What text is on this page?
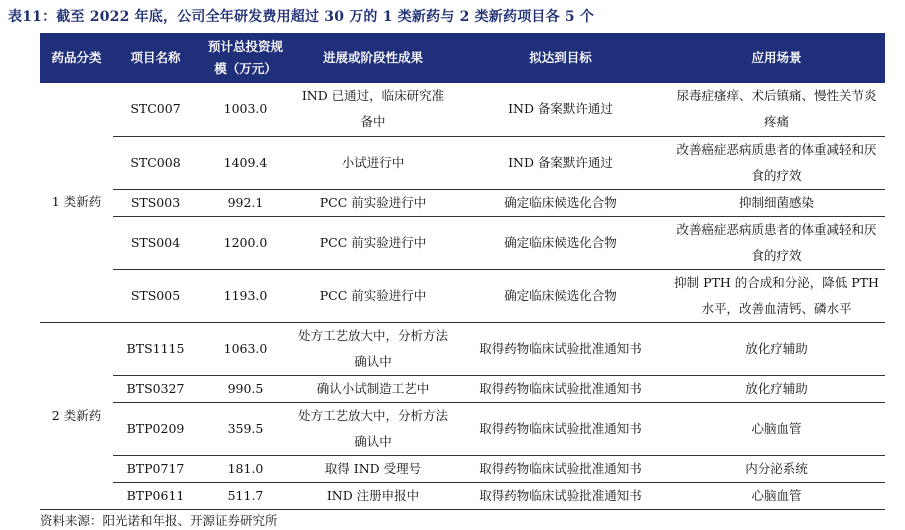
表11：截至 2022 年底，公司全年研发费用超过 30 万的 1 类新药与 2 类新药项目各 5 个
药品分类	项目名称	预计总投资规模（万元）	进展或阶段性成果	拟达到目标	应用场景
1 类新药	STC007	1003.0	IND 已通过，临床研究准备中	IND 备案默许通过	尿毒症瘙痒、术后镇痛、慢性关节炎疼痛
	STC008	1409.4	小试进行中	IND 备案默许通过	改善癌症恶病质患者的体重减轻和厌食的疗效
	STS003	992.1	PCC 前实验进行中	确定临床候选化合物	抑制细菌感染
	STS004	1200.0	PCC 前实验进行中	确定临床候选化合物	改善癌症恶病质患者的体重减轻和厌食的疗效
	STS005	1193.0	PCC 前实验进行中	确定临床候选化合物	抑制 PTH 的合成和分泌，降低 PTH 水平，改善血清钙、磷水平
2 类新药	BTS1115	1063.0	处方工艺放大中，分析方法确认中	取得药物临床试验批准通知书	放化疗辅助
	BTS0327	990.5	确认小试制造工艺中	取得药物临床试验批准通知书	放化疗辅助
	BTP0209	359.5	处方工艺放大中，分析方法确认中	取得药物临床试验批准通知书	心脑血管
	BTP0717	181.0	取得 IND 受理号	取得药物临床试验批准通知书	内分泌系统
	BTP0611	511.7	IND 注册申报中	取得药物临床试验批准通知书	心脑血管
资料来源：阳光诺和年报、开源证券研究所
